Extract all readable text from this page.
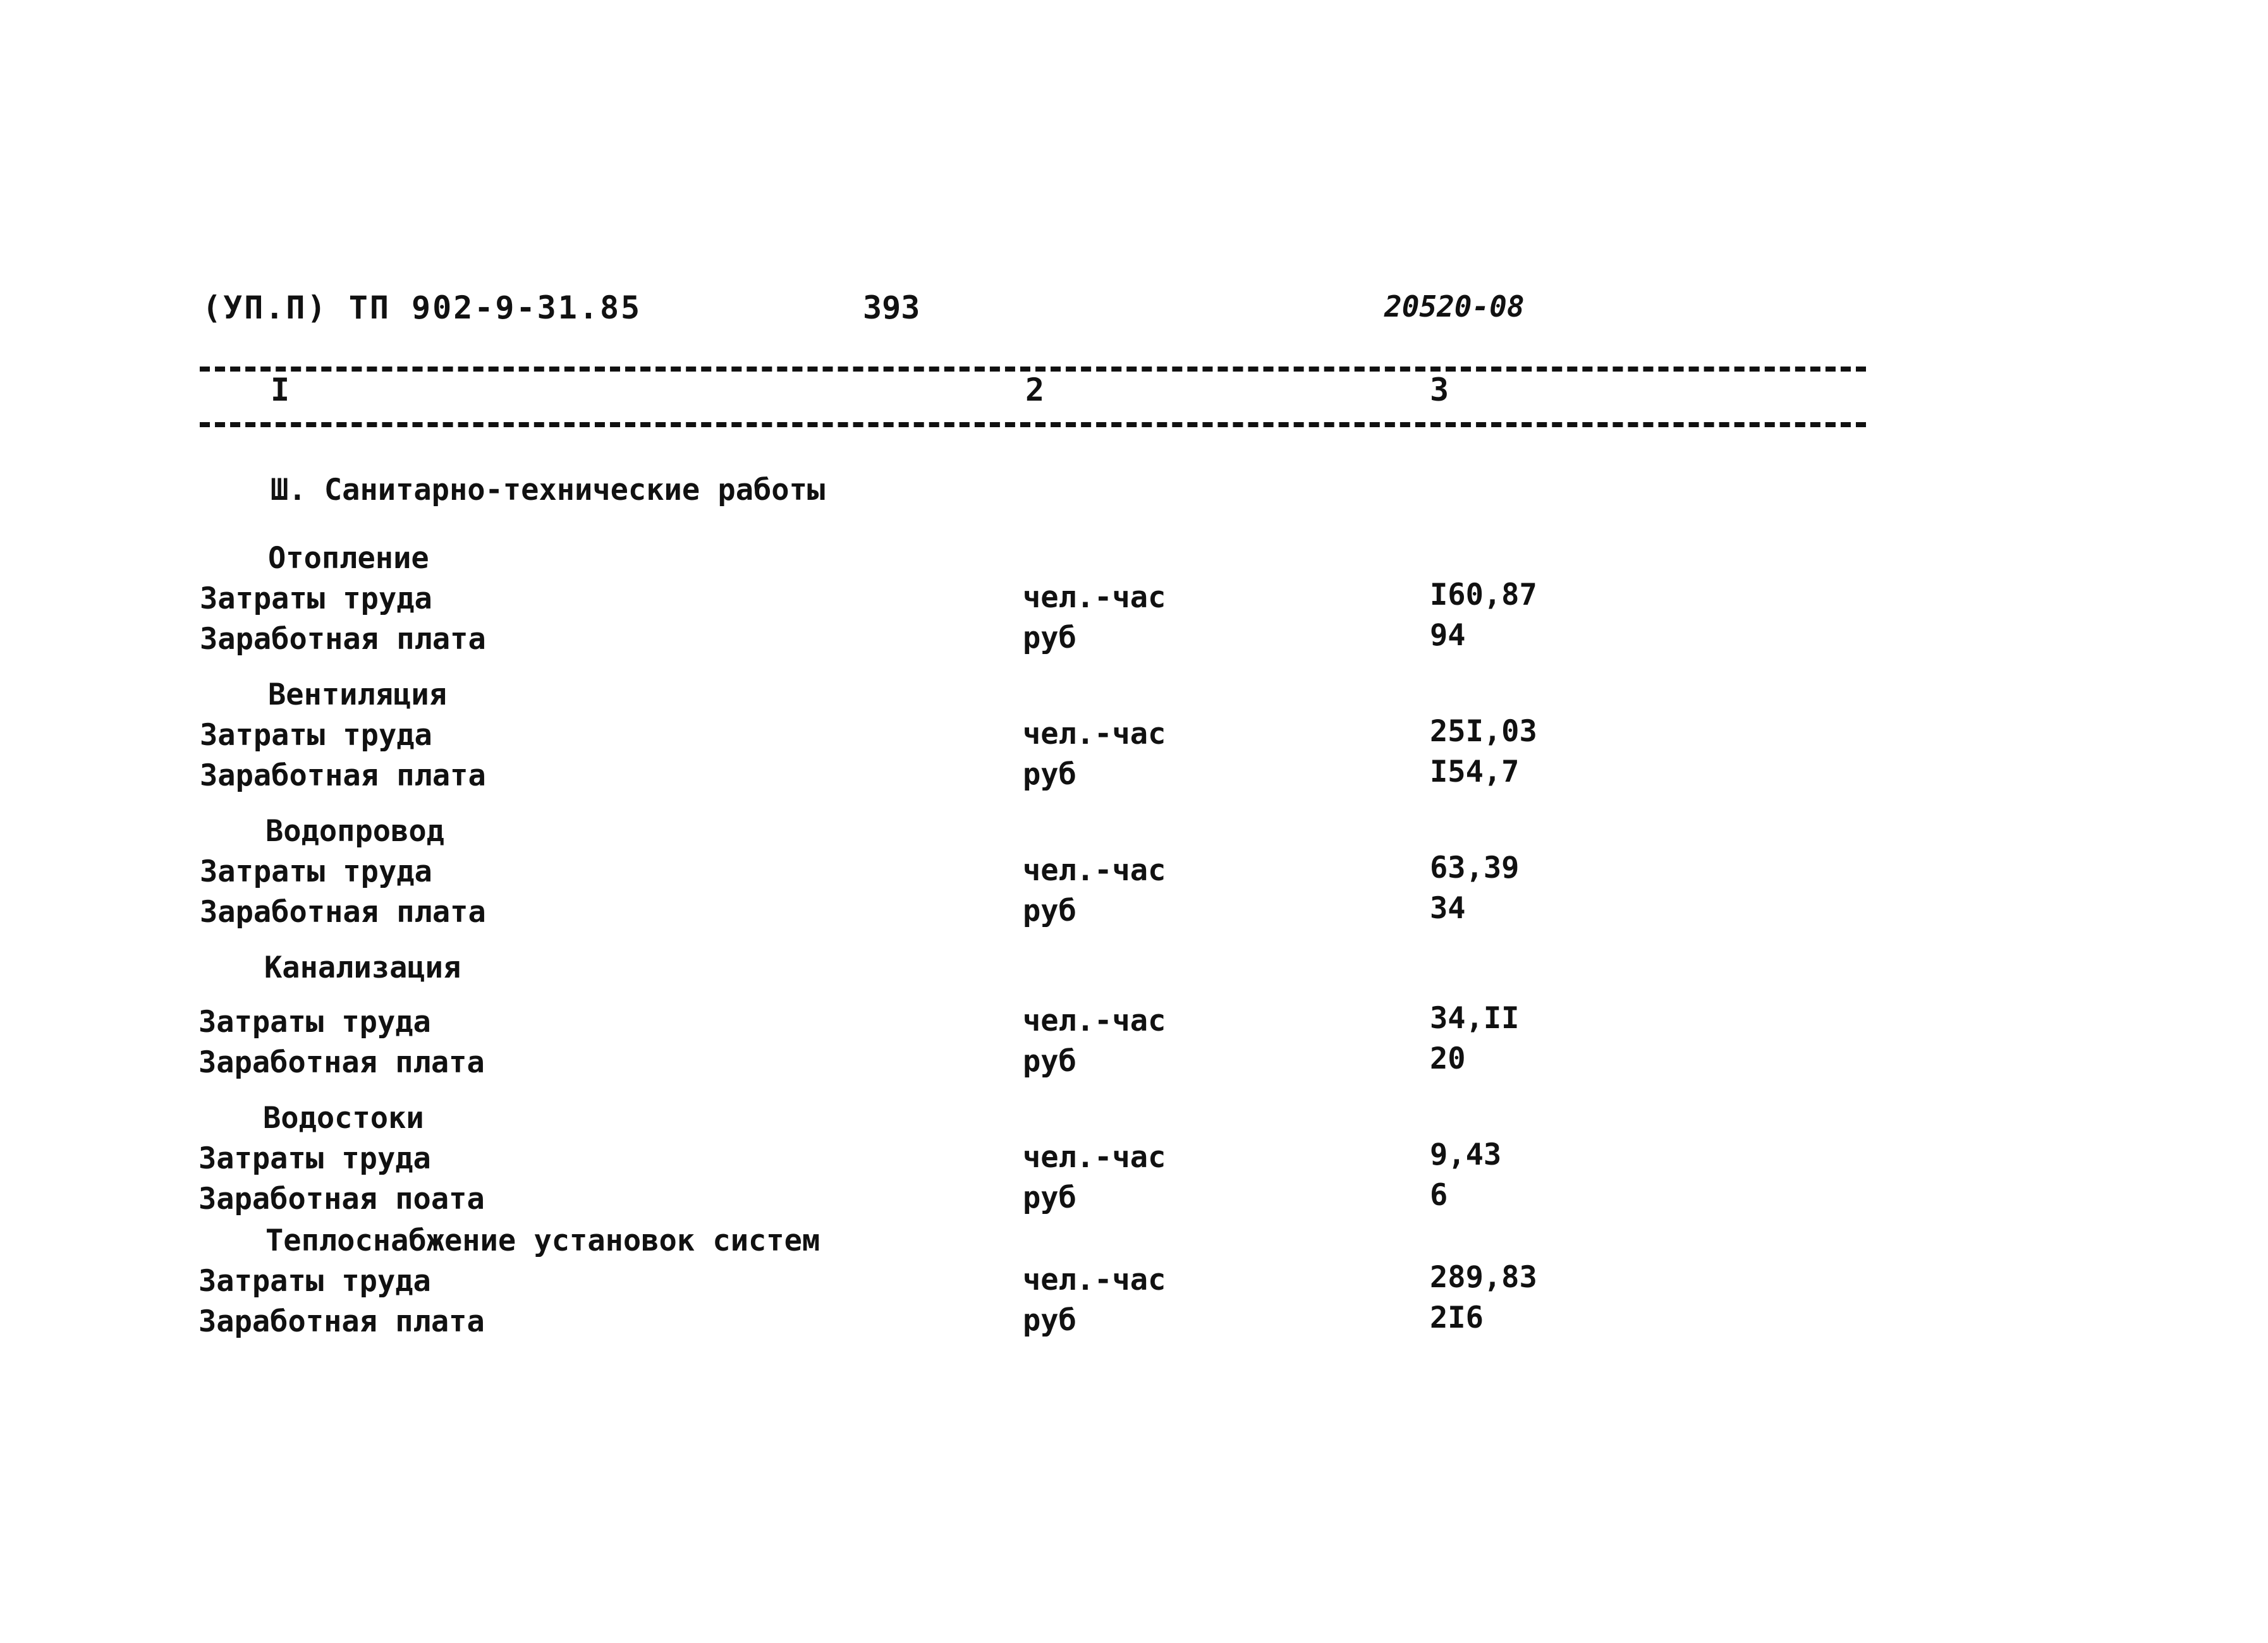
(УП.П) ТП 902-9-31.85	393	20520-08
I	2	3
Ш. Санитарно-технические работы
Отопление
Затраты труда	чел.-час	I60,87
Заработная плата	руб	94
Вентиляция
Затраты труда	чел.-час	25I,03
Заработная плата	руб	I54,7
Водопровод
Затраты труда	чел.-час	63,39
Заработная плата	руб	34
Канализация
Затраты труда	чел.-час	34,II
Заработная плата	руб	20
Водостоки
Затраты труда	чел.-час	9,43
Заработная поата	руб	6
Теплоснабжение установок систем
Затраты труда	чел.-час	289,83
Заработная плата	руб	2I6
